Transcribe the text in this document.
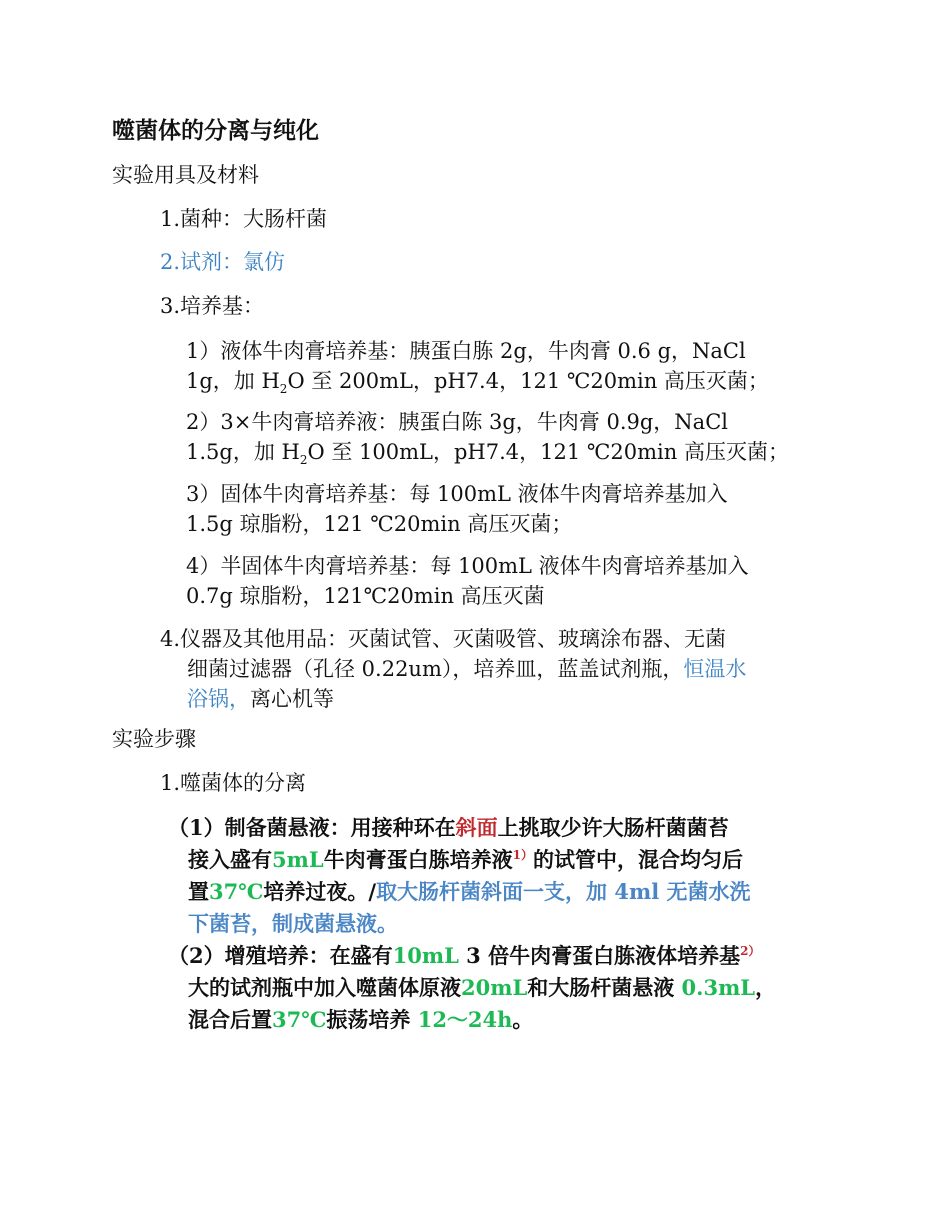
噬菌体的分离与纯化
实验用具及材料
1.菌种：大肠杆菌
2.试剂：氯仿
3.培养基：
1）液体牛肉膏培养基：胰蛋白胨 2g，牛肉膏 0.6 g，NaCl
1g，加 $H_2O$ 至 200mL，pH7.4，121 ℃20min 高压灭菌；
2）3×牛肉膏培养液：胰蛋白陈 3g，牛肉膏 0.9g，NaCl
1.5g，加 $H_2O$ 至 100mL，pH7.4，121 ℃20min 高压灭菌；
3）固体牛肉膏培养基：每 100mL 液体牛肉膏培养基加入
1.5g 琼脂粉，121 ℃20min 高压灭菌；
4）半固体牛肉膏培养基：每 100mL 液体牛肉膏培养基加入
0.7g 琼脂粉，121℃20min 高压灭菌
4.仪器及其他用品：灭菌试管、灭菌吸管、玻璃涂布器、无菌
细菌过滤器（孔径 0.22um），培养皿，蓝盖试剂瓶，恒温水
浴锅，离心机等
实验步骤
1.噬菌体的分离
（1）制备菌悬液：用接种环在斜面上挑取少许大肠杆菌菌苔
接入盛有5mL牛肉膏蛋白胨培养液$^{1)}$的试管中，混合均匀后
置37℃培养过夜。/取大肠杆菌斜面一支，加 4ml 无菌水洗
下菌苔，制成菌悬液。
（2）增殖培养：在盛有10mL 3 倍牛肉膏蛋白胨液体培养基$^{2)}$
大的试剂瓶中加入噬菌体原液20mL和大肠杆菌悬液 0.3mL，
混合后置37℃振荡培养 12～24h。
